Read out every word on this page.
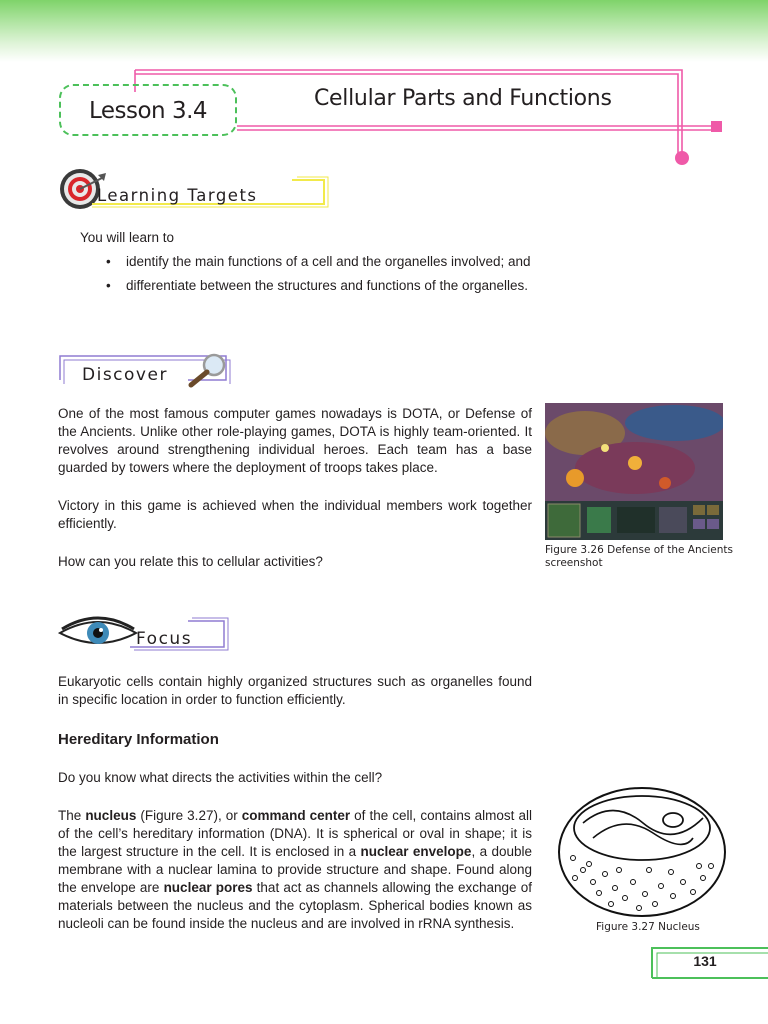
Lesson 3.4	Cellular Parts and Functions
Learning Targets
You will learn to
• identify the main functions of a cell and the organelles involved; and
• differentiate between the structures and functions of the organelles.
Discover
One of the most famous computer games nowadays is DOTA, or Defense of the Ancients. Unlike other role-playing games, DOTA is highly team-oriented. It revolves around strengthening individual heroes. Each team has a base guarded by towers where the deployment of troops takes place.
Victory in this game is achieved when the individual members work together efficiently.
How can you relate this to cellular activities?
Figure 3.26 Defense of the Ancients
screenshot
Focus
Eukaryotic cells contain highly organized structures such as organelles found in specific location in order to function efficiently.
Hereditary Information
Do you know what directs the activities within the cell?
The nucleus (Figure 3.27), or command center of the cell, contains almost all of the cell’s hereditary information (DNA). It is spherical or oval in shape; it is the largest structure in the cell. It is enclosed in a nuclear envelope, a double membrane with a nuclear lamina to provide structure and shape. Found along the envelope are nuclear pores that act as channels allowing the exchange of materials between the nucleus and the cytoplasm. Spherical bodies known as nucleoli can be found inside the nucleus and are involved in rRNA synthesis.	Figure 3.27 Nucleus
131
